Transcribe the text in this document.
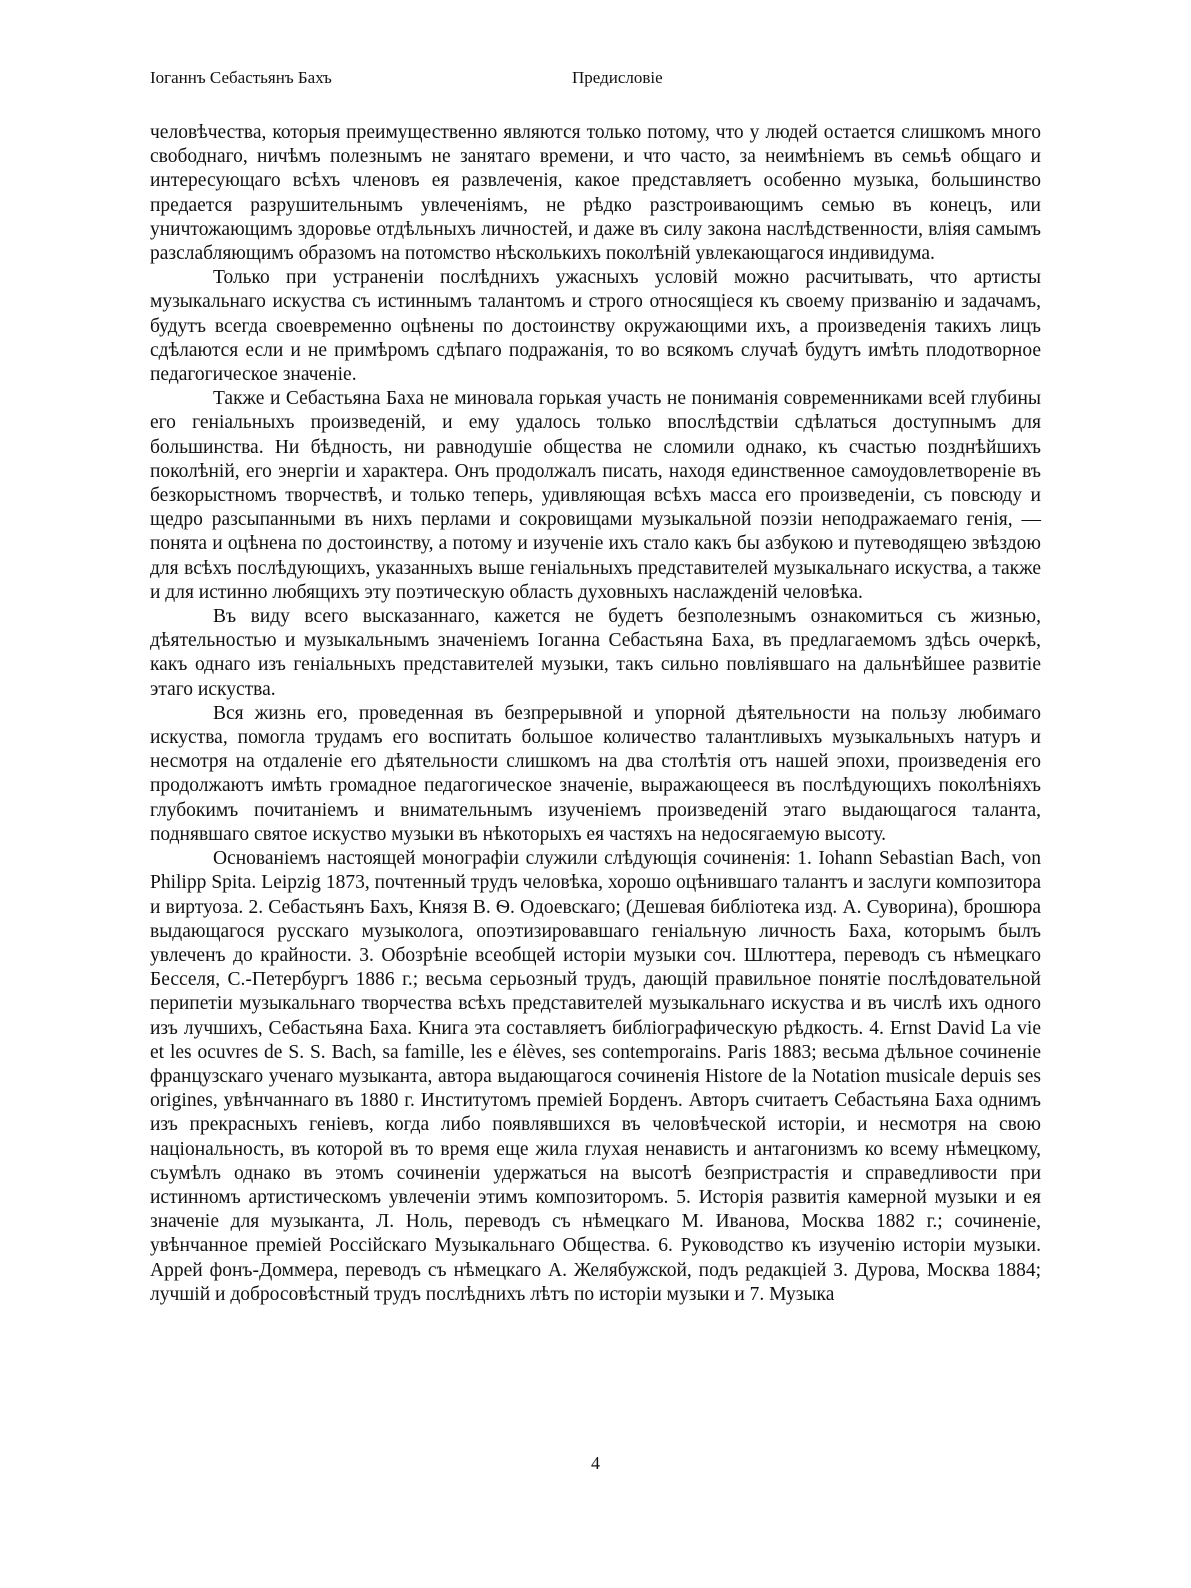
Іоганнъ Себастьянъ Бахъ	Предисловіе

человѣчества, которыя преимущественно являются только потому, что у людей остается слишкомъ много свободнаго, ничѣмъ полезнымъ не занятаго времени, и что часто, за неимѣніемъ въ семьѣ общаго и интересующаго всѣхъ членовъ ея развлеченія, какое представляетъ особенно музыка, большинство предается разрушительнымъ увлеченіямъ, не рѣдко разстроивающимъ семью въ конецъ, или уничтожающимъ здоровье отдѣльныхъ личностей, и даже въ силу закона наслѣдственности, вліяя самымъ разслабляющимъ образомъ на потомство нѣсколькихъ поколѣній увлекающагося индивидума.

Только при устраненіи послѣднихъ ужасныхъ условій можно расчитывать, что артисты музыкальнаго искуства съ истиннымъ талантомъ и строго относящіеся къ своему призванію и задачамъ, будутъ всегда своевременно оцѣнены по достоинству окружающими ихъ, а произведенія такихъ лицъ сдѣлаются если и не примѣромъ сдѣпаго подражанія, то во всякомъ случаѣ будутъ имѣть плодотворное педагогическое значеніе.

Также и Себастьяна Баха не миновала горькая участь не пониманія современниками всей глубины его геніальныхъ произведеній, и ему удалось только впослѣдствіи сдѣлаться доступнымъ для большинства. Ни бѣдность, ни равнодушіе общества не сломили однако, къ счастью позднѣйшихъ поколѣній, его энергіи и характера. Онъ продолжалъ писать, находя единственное самоудовлетвореніе въ безкорыстномъ творчествѣ, и только теперь, удивляющая всѣхъ масса его произведеніи, съ повсюду и щедро разсыпанными въ нихъ перлами и сокровищами музыкальной поэзіи неподражаемаго генія, — понята и оцѣнена по достоинству, а потому и изученіе ихъ стало какъ бы азбукою и путеводящею звѣздою для всѣхъ послѣдующихъ, указанныхъ выше геніальныхъ представителей музыкальнаго искуства, а также и для истинно любящихъ эту поэтическую область духовныхъ наслажденій человѣка.

Въ виду всего высказаннаго, кажется не будетъ безполезнымъ ознакомиться съ жизнью, дѣятельностью и музыкальнымъ значеніемъ Іоганна Себастьяна Баха, въ предлагаемомъ здѣсь очеркѣ, какъ однаго изъ геніальныхъ представителей музыки, такъ сильно повліявшаго на дальнѣйшее развитіе этаго искуства.

Вся жизнь его, проведенная въ безпрерывной и упорной дѣятельности на пользу любимаго искуства, помогла трудамъ его воспитать большое количество талантливыхъ музыкальныхъ натуръ и несмотря на отдаленіе его дѣятельности слишкомъ на два столѣтія отъ нашей эпохи, произведенія его продолжаютъ имѣть громадное педагогическое значеніе, выражающееся въ послѣдующихъ поколѣніяхъ глубокимъ почитаніемъ и внимательнымъ изученіемъ произведеній этаго выдающагося таланта, поднявшаго святое искуство музыки въ нѣкоторыхъ ея частяхъ на недосягаемую высоту.

Основаніемъ настоящей монографіи служили слѣдующія сочиненія: 1. Iohann Sebastian Bach, von Philipp Spita. Leipzig 1873, почтенный трудъ человѣка, хорошо оцѣнившаго талантъ и заслуги композитора и виртуоза. 2. Себастьянъ Бахъ, Князя В. Ѳ. Одоевскаго; (Дешевая библіотека изд. А. Суворина), брошюра выдающагося русскаго музыколога, опоэтизировавшаго геніальную личность Баха, которымъ былъ увлеченъ до крайности. 3. Обозрѣніе всеобщей исторіи музыки соч. Шлюттера, переводъ съ нѣмецкаго Бесселя, С.-Петербургъ 1886 г.; весьма серьозный трудъ, дающій правильное понятіе послѣдовательной перипетіи музыкальнаго творчества всѣхъ представителей музыкальнаго искуства и въ числѣ ихъ одного изъ лучшихъ, Себастьяна Баха. Книга эта составляетъ библіографическую рѣдкость. 4. Ernst David La vie et les ocuvres de S. S. Bach, sa famille, les e élèves, ses contemporains. Paris 1883; весьма дѣльное сочиненіе французскаго ученаго музыканта, автора выдающагося сочиненія Histore de la Notation musicale depuis ses origines, увѣнчаннаго въ 1880 г. Институтомъ преміей Борденъ. Авторъ считаетъ Себастьяна Баха однимъ изъ прекрасныхъ геніевъ, когда либо появлявшихся въ человѣческой исторіи, и несмотря на свою національность, въ которой въ то время еще жила глухая ненависть и антагонизмъ ко всему нѣмецкому, съумѣлъ однако въ этомъ сочиненіи удержаться на высотѣ безпристрастія и справедливости при истинномъ артистическомъ увлеченіи этимъ композиторомъ. 5. Исторія развитія камерной музыки и ея значеніе для музыканта, Л. Ноль, переводъ съ нѣмецкаго М. Иванова, Москва 1882 г.; сочиненіе, увѣнчанное преміей Россійскаго Музыкальнаго Общества. 6. Руководство къ изученію исторіи музыки. Аррей фонъ-Доммера, переводъ съ нѣмецкаго А. Желябужской, подъ редакціей З. Дурова, Москва 1884; лучшій и добросовѣстный трудъ послѣднихъ лѣтъ по исторіи музыки и 7. Музыка

4
